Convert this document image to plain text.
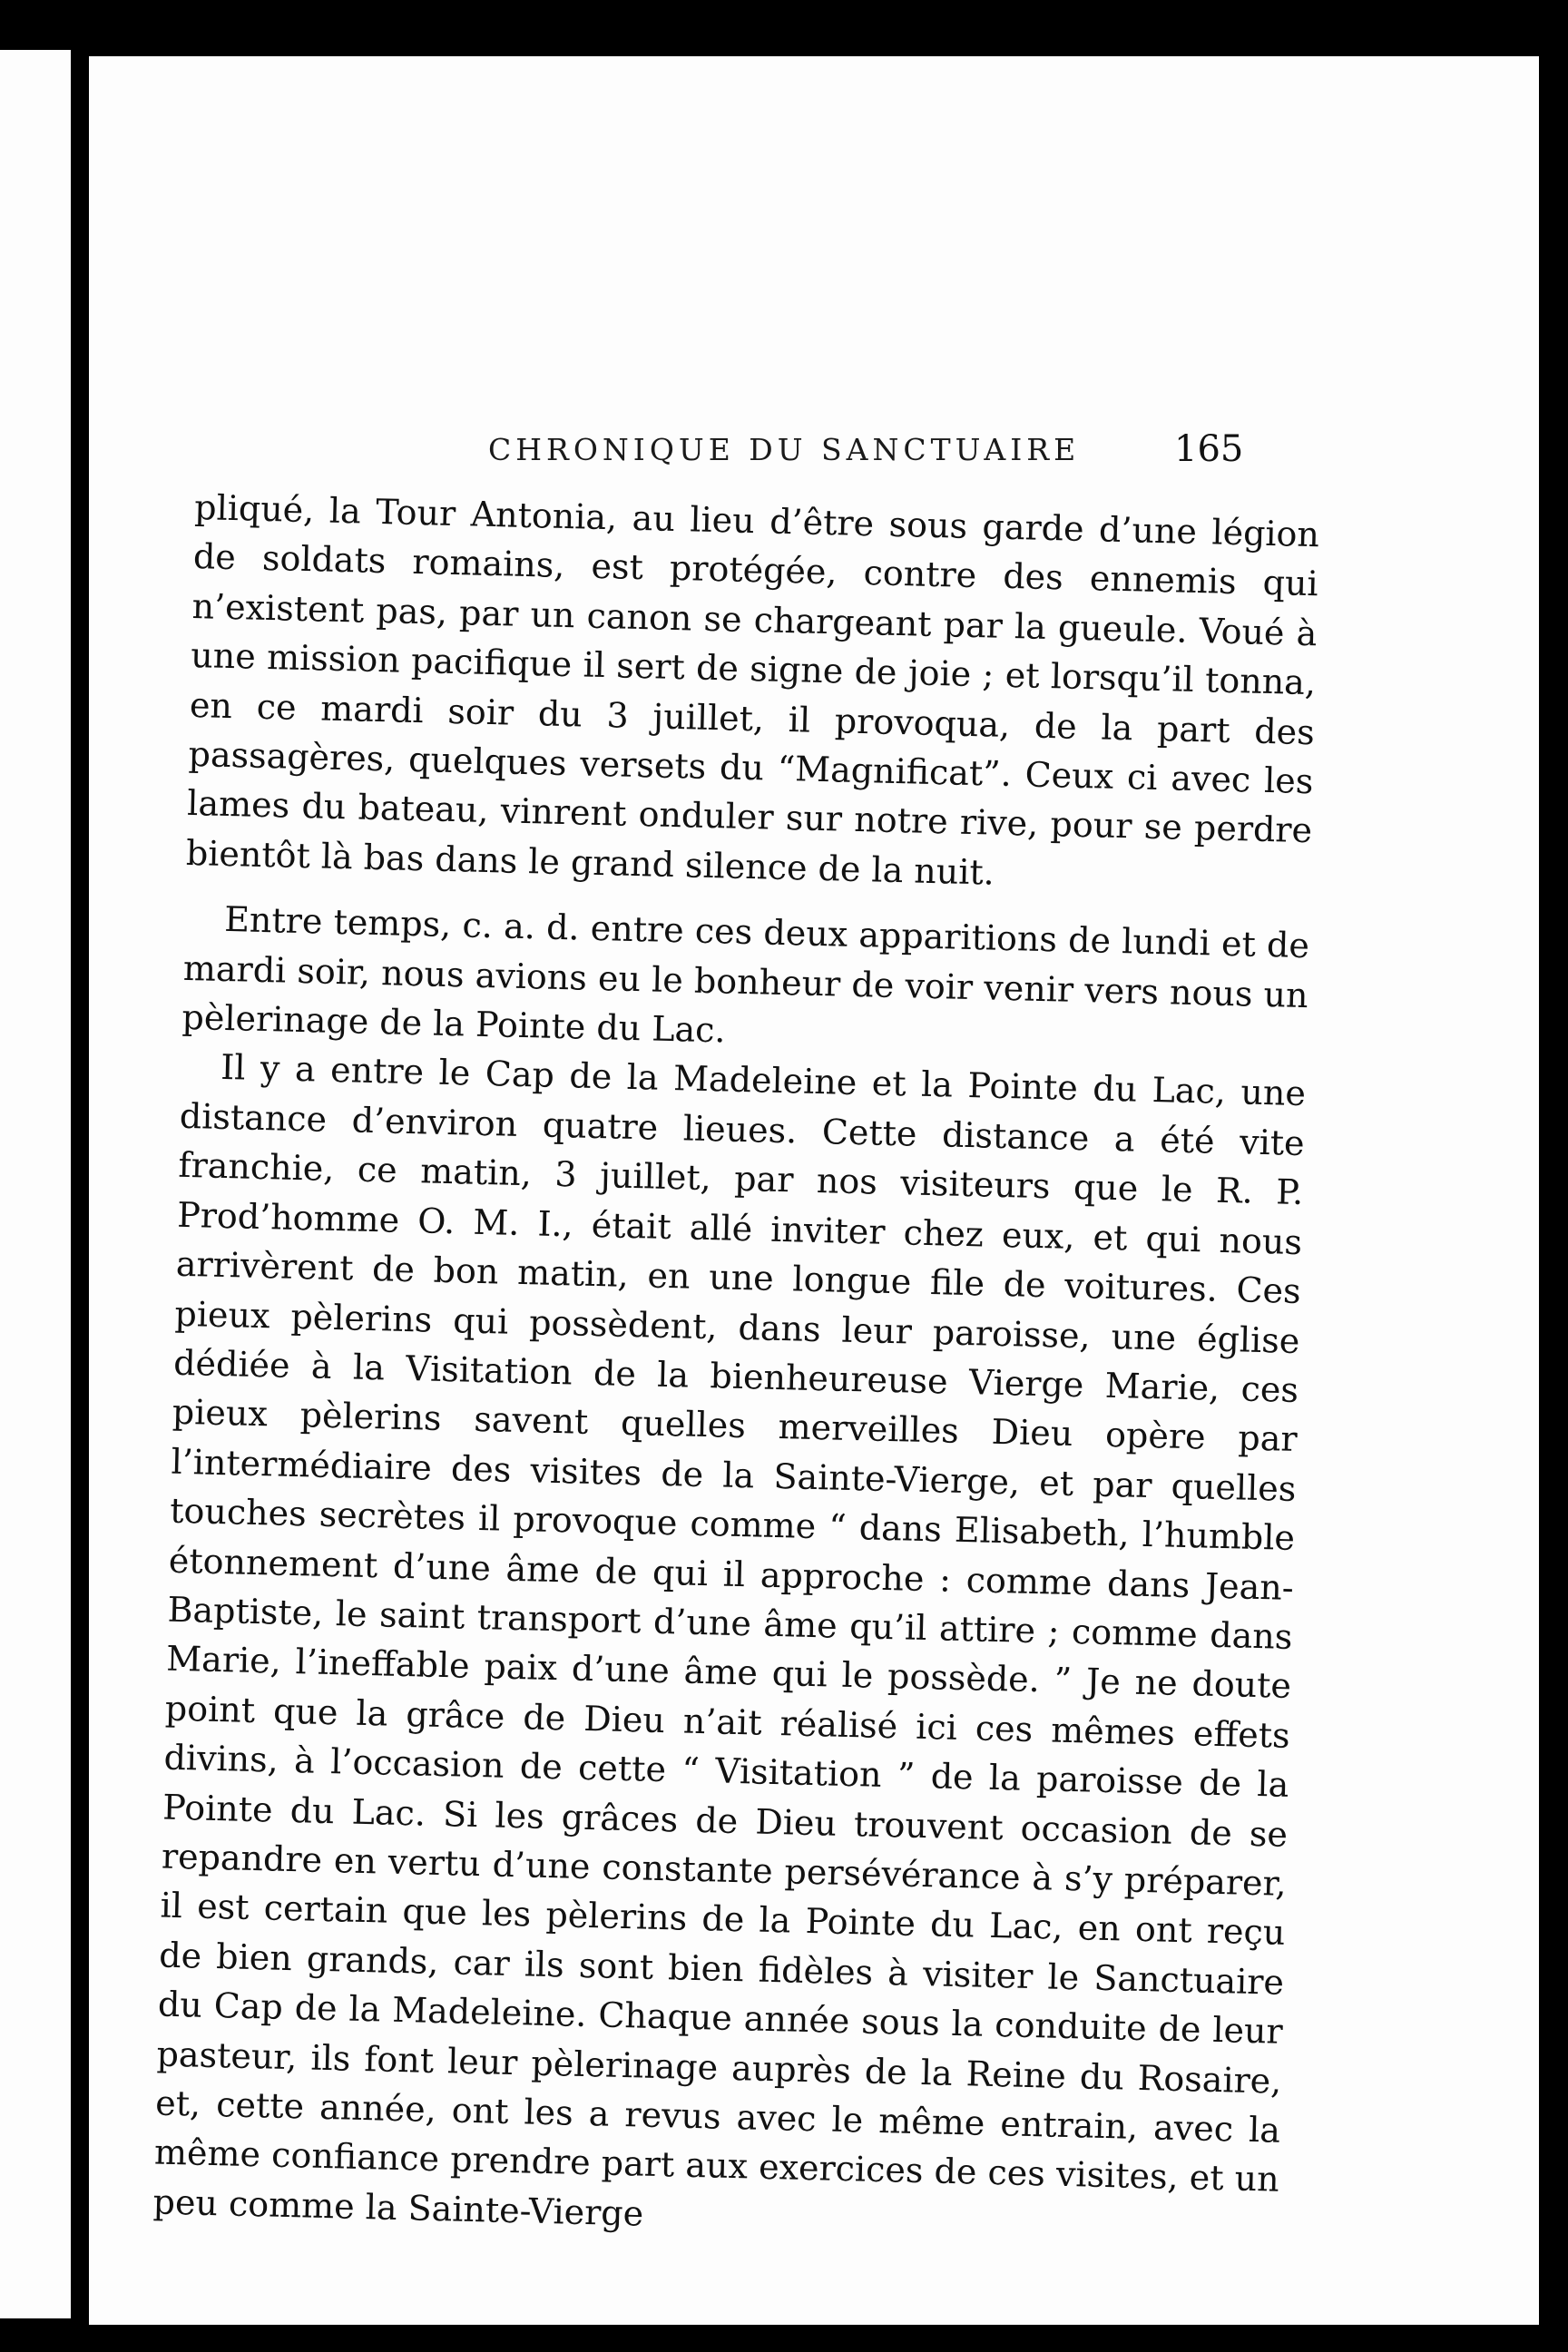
CHRONIQUE DU SANCTUAIRE	165

pliqué, la Tour Antonia, au lieu d’être sous garde d’une légion de soldats romains, est protégée, contre des ennemis qui n’existent pas, par un canon se chargeant par la gueule. Voué à une mission pacifique il sert de signe de joie ; et lorsqu’il tonna, en ce mardi soir du 3 juillet, il provoqua, de la part des passagères, quelques versets du “Magnificat”. Ceux ci avec les lames du bateau, vinrent onduler sur notre rive, pour se perdre bientôt là bas dans le grand silence de la nuit.

Entre temps, c. a. d. entre ces deux apparitions de lundi et de mardi soir, nous avions eu le bonheur de voir venir vers nous un pèlerinage de la Pointe du Lac.

Il y a entre le Cap de la Madeleine et la Pointe du Lac, une distance d’environ quatre lieues. Cette distance a été vite franchie, ce matin, 3 juillet, par nos visiteurs que le R. P. Prod’homme O. M. I., était allé inviter chez eux, et qui nous arrivèrent de bon matin, en une longue file de voitures. Ces pieux pèlerins qui possèdent, dans leur paroisse, une église dédiée à la Visitation de la bienheureuse Vierge Marie, ces pieux pèlerins savent quelles merveilles Dieu opère par l’intermédiaire des visites de la Sainte-Vierge, et par quelles touches secrètes il provoque comme “ dans Elisabeth, l’humble étonnement d’une âme de qui il approche : comme dans Jean-Baptiste, le saint transport d’une âme qu’il attire ; comme dans Marie, l’ineffable paix d’une âme qui le possède. ” Je ne doute point que la grâce de Dieu n’ait réalisé ici ces mêmes effets divins, à l’occasion de cette “ Visitation ” de la paroisse de la Pointe du Lac. Si les grâces de Dieu trouvent occasion de se repandre en vertu d’une constante persévérance à s’y préparer, il est certain que les pèlerins de la Pointe du Lac, en ont reçu de bien grands, car ils sont bien fidèles à visiter le Sanctuaire du Cap de la Madeleine. Chaque année sous la conduite de leur pasteur, ils font leur pèlerinage auprès de la Reine du Rosaire, et, cette année, ont les a revus avec le même entrain, avec la même confiance prendre part aux exercices de ces visites, et un peu comme la Sainte-Vierge
